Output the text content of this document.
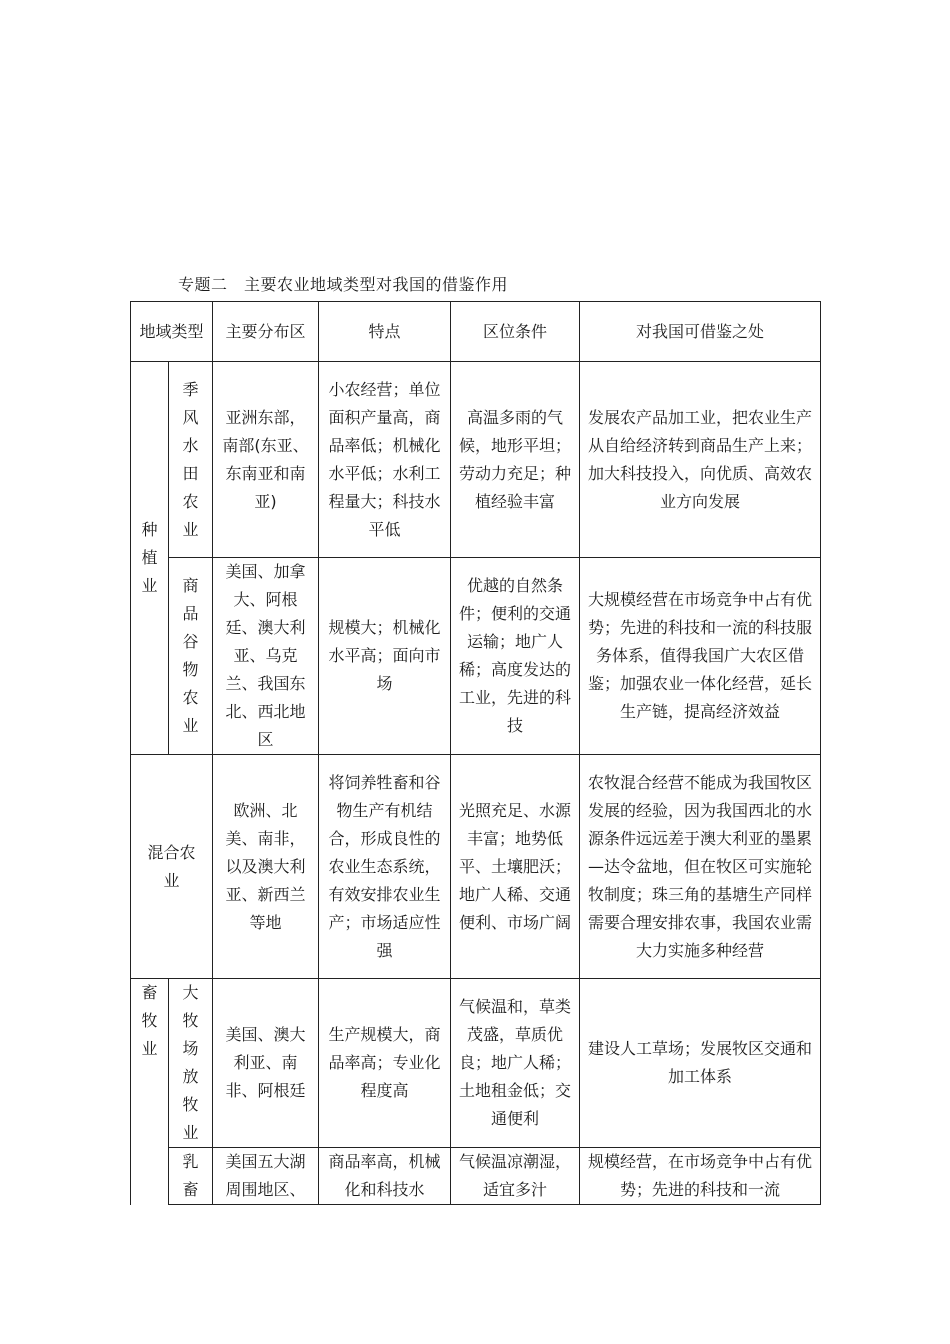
专题二　主要农业地域类型对我国的借鉴作用
地域类型		主要分布区	特点	区位条件	对我国可借鉴之处
种植业	季风水田农业	亚洲东部，南部(东亚、东南亚和南亚)	小农经营；单位面积产量高，商品率低；机械化水平低；水利工程量大；科技水平低	高温多雨的气候，地形平坦；劳动力充足；种植经验丰富	发展农产品加工业，把农业生产从自给经济转到商品生产上来；加大科技投入，向优质、高效农业方向发展
	商品谷物农业	美国、加拿大、阿根廷、澳大利亚、乌克兰、我国东北、西北地区	规模大；机械化水平高；面向市场	优越的自然条件；便利的交通运输；地广人稀；高度发达的工业，先进的科技	大规模经营在市场竞争中占有优势；先进的科技和一流的科技服务体系，值得我国广大农区借鉴；加强农业一体化经营，延长生产链，提高经济效益
混合农业		欧洲、北美、南非，以及澳大利亚、新西兰等地	将饲养牲畜和谷物生产有机结合，形成良性的农业生态系统，有效安排农业生产；市场适应性强	光照充足、水源丰富；地势低平、土壤肥沃；地广人稀、交通便利、市场广阔	农牧混合经营不能成为我国牧区发展的经验，因为我国西北的水源条件远远差于澳大利亚的墨累—达令盆地，但在牧区可实施轮牧制度；珠三角的基塘生产同样需要合理安排农事，我国农业需大力实施多种经营
畜牧业	大牧场放牧业	美国、澳大利亚、南非、阿根廷	生产规模大，商品率高；专业化程度高	气候温和，草类茂盛，草质优良；地广人稀；土地租金低；交通便利	建设人工草场；发展牧区交通和加工体系
	乳畜	美国五大湖周围地区、	商品率高，机械化和科技水	气候温凉潮湿，适宜多汁	规模经营，在市场竞争中占有优势；先进的科技和一流
